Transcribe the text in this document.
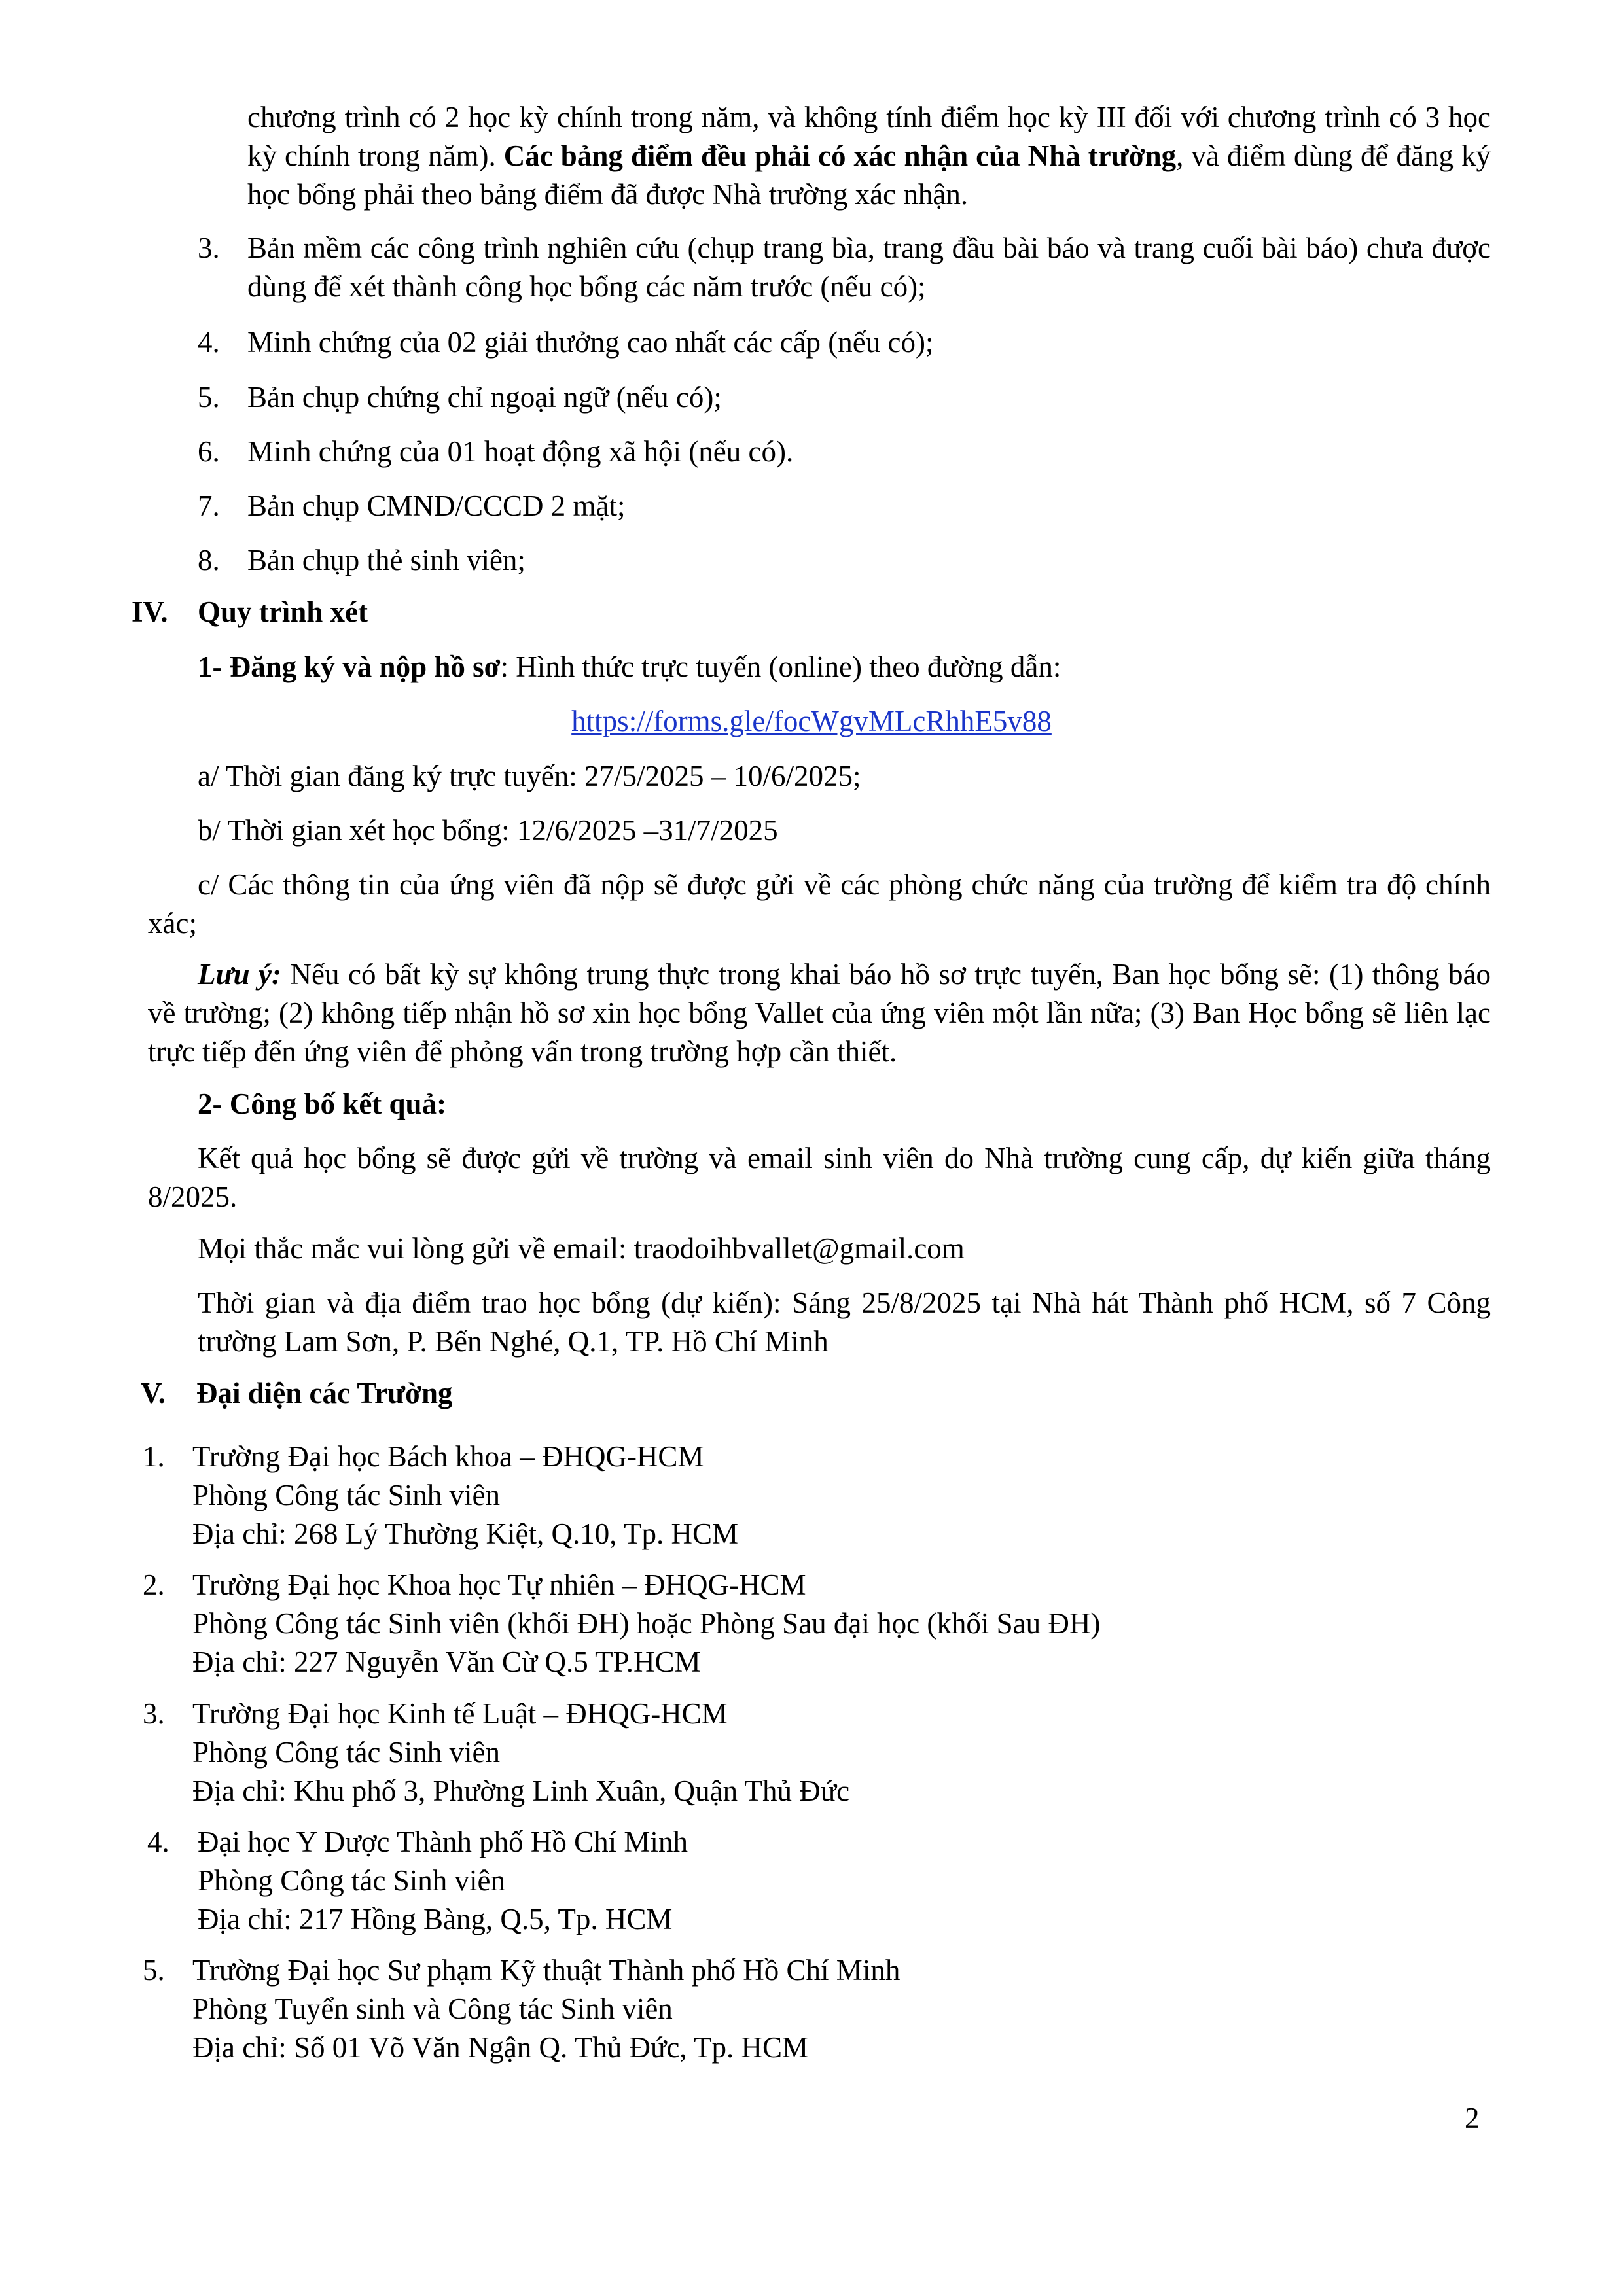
chương trình có 2 học kỳ chính trong năm, và không tính điểm học kỳ III đối với chương trình có 3 học kỳ chính trong năm). Các bảng điểm đều phải có xác nhận của Nhà trường, và điểm dùng để đăng ký học bổng phải theo bảng điểm đã được Nhà trường xác nhận.
3. Bản mềm các công trình nghiên cứu (chụp trang bìa, trang đầu bài báo và trang cuối bài báo) chưa được dùng để xét thành công học bổng các năm trước (nếu có);
4. Minh chứng của 02 giải thưởng cao nhất các cấp (nếu có);
5. Bản chụp chứng chỉ ngoại ngữ (nếu có);
6. Minh chứng của 01 hoạt động xã hội (nếu có).
7. Bản chụp CMND/CCCD 2 mặt;
8. Bản chụp thẻ sinh viên;
IV. Quy trình xét
1- Đăng ký và nộp hồ sơ: Hình thức trực tuyến (online) theo đường dẫn:
https://forms.gle/focWgvMLcRhhE5v88
a/ Thời gian đăng ký trực tuyến: 27/5/2025 – 10/6/2025;
b/ Thời gian xét học bổng: 12/6/2025 –31/7/2025
c/ Các thông tin của ứng viên đã nộp sẽ được gửi về các phòng chức năng của trường để kiểm tra độ chính xác;
Lưu ý: Nếu có bất kỳ sự không trung thực trong khai báo hồ sơ trực tuyến, Ban học bổng sẽ: (1) thông báo về trường; (2) không tiếp nhận hồ sơ xin học bổng Vallet của ứng viên một lần nữa; (3) Ban Học bổng sẽ liên lạc trực tiếp đến ứng viên để phỏng vấn trong trường hợp cần thiết.
2- Công bố kết quả:
Kết quả học bổng sẽ được gửi về trường và email sinh viên do Nhà trường cung cấp, dự kiến giữa tháng 8/2025.
Mọi thắc mắc vui lòng gửi về email: traodoihbvallet@gmail.com
Thời gian và địa điểm trao học bổng (dự kiến): Sáng 25/8/2025 tại Nhà hát Thành phố HCM, số 7 Công trường Lam Sơn, P. Bến Nghé, Q.1, TP. Hồ Chí Minh
V. Đại diện các Trường
1. Trường Đại học Bách khoa – ĐHQG-HCM
Phòng Công tác Sinh viên
Địa chỉ: 268 Lý Thường Kiệt, Q.10, Tp. HCM
2. Trường Đại học Khoa học Tự nhiên – ĐHQG-HCM
Phòng Công tác Sinh viên (khối ĐH) hoặc Phòng Sau đại học (khối Sau ĐH)
Địa chỉ: 227 Nguyễn Văn Cừ Q.5 TP.HCM
3. Trường Đại học Kinh tế Luật – ĐHQG-HCM
Phòng Công tác Sinh viên
Địa chỉ: Khu phố 3, Phường Linh Xuân, Quận Thủ Đức
4. Đại học Y Dược Thành phố Hồ Chí Minh
Phòng Công tác Sinh viên
Địa chỉ: 217 Hồng Bàng, Q.5, Tp. HCM
5. Trường Đại học Sư phạm Kỹ thuật Thành phố Hồ Chí Minh
Phòng Tuyển sinh và Công tác Sinh viên
Địa chỉ: Số 01 Võ Văn Ngận Q. Thủ Đức, Tp. HCM
2
